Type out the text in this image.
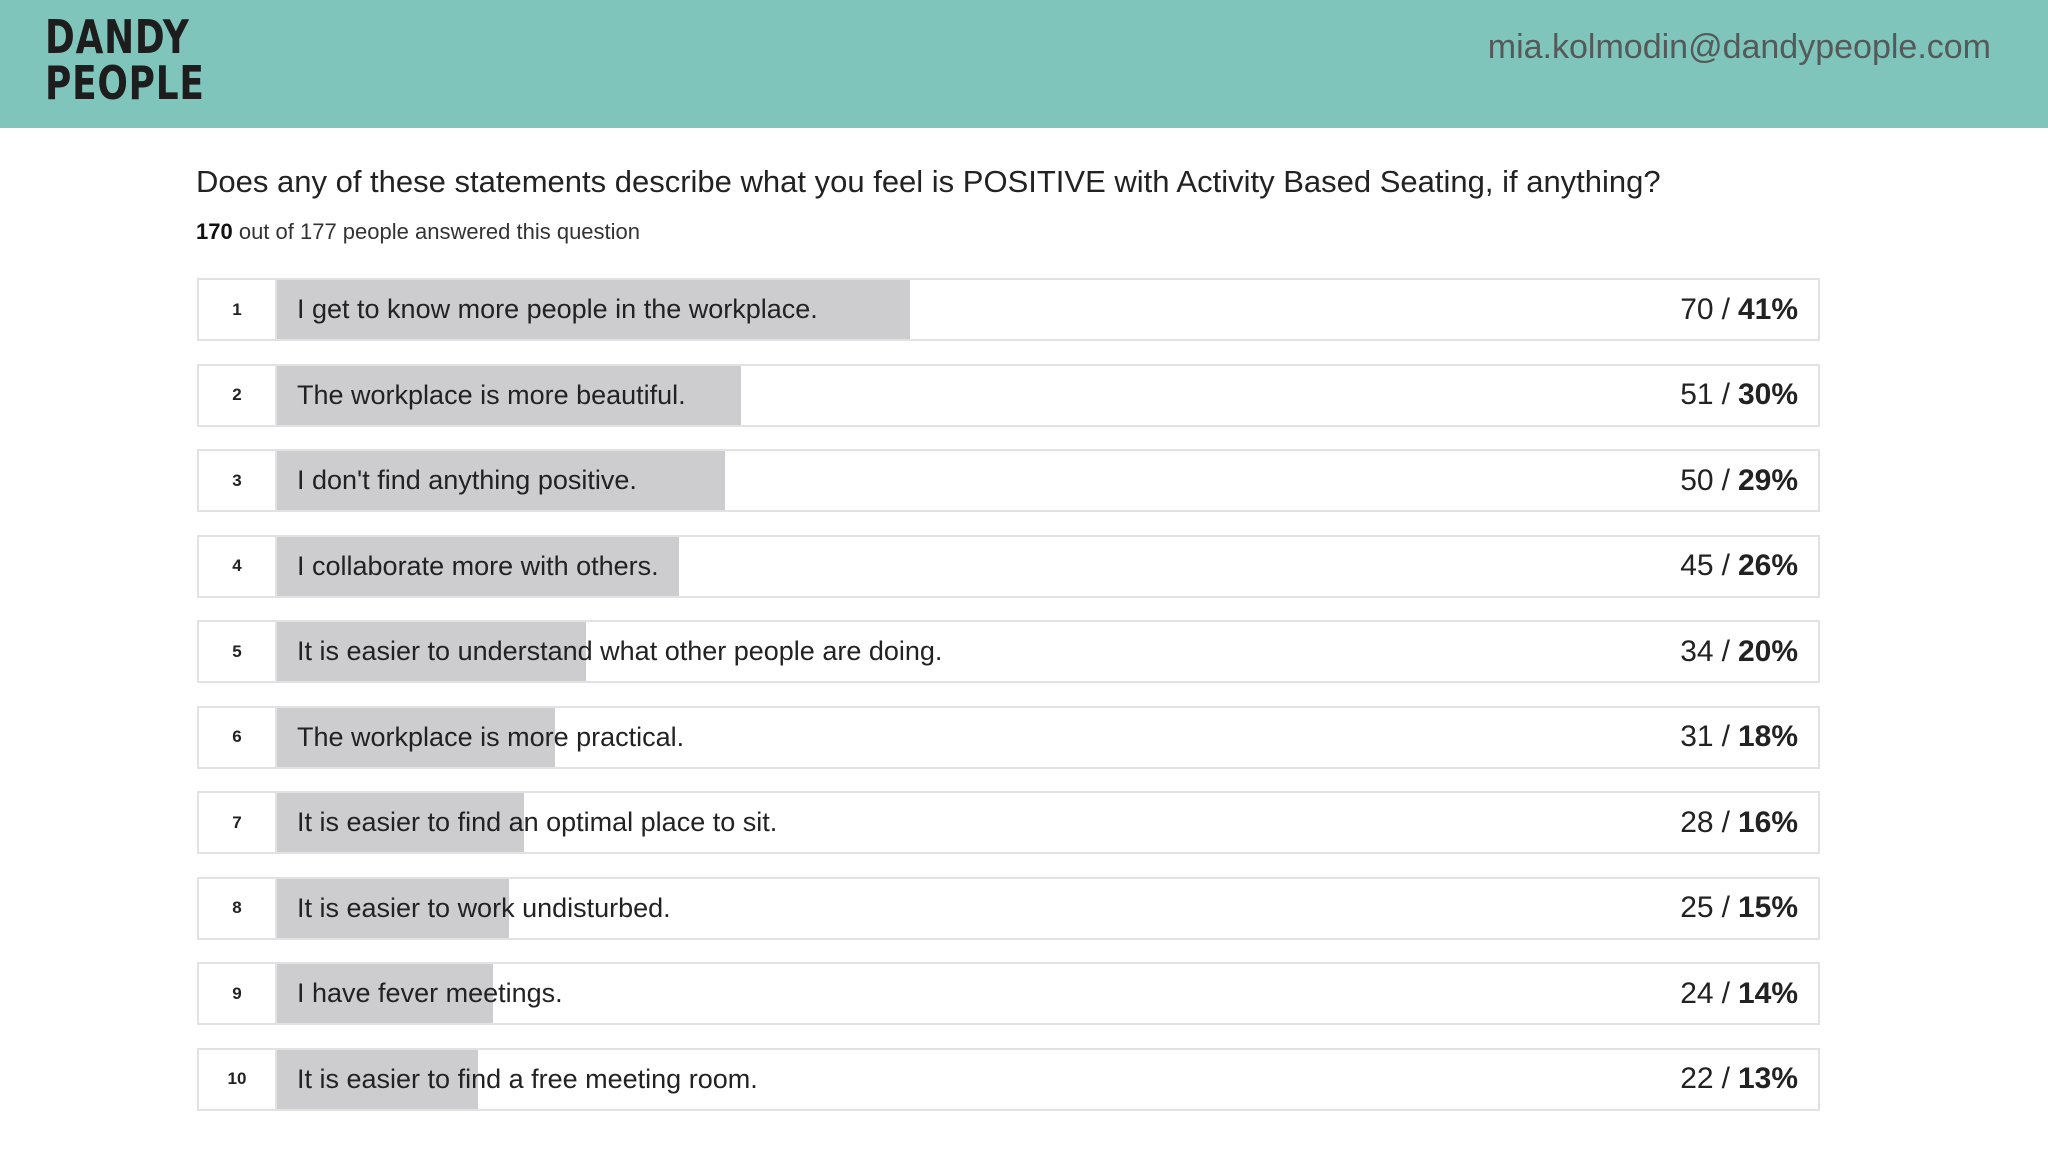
DANDY
PEOPLE
mia.kolmodin@dandypeople.com
Does any of these statements describe what you feel is POSITIVE with Activity Based Seating, if anything?
170 out of 177 people answered this question
1	I get to know more people in the workplace.	70 / 41%
2	The workplace is more beautiful.	51 / 30%
3	I don't find anything positive.	50 / 29%
4	I collaborate more with others.	45 / 26%
5	It is easier to understand what other people are doing.	34 / 20%
6	The workplace is more practical.	31 / 18%
7	It is easier to find an optimal place to sit.	28 / 16%
8	It is easier to work undisturbed.	25 / 15%
9	I have fever meetings.	24 / 14%
10	It is easier to find a free meeting room.	22 / 13%
